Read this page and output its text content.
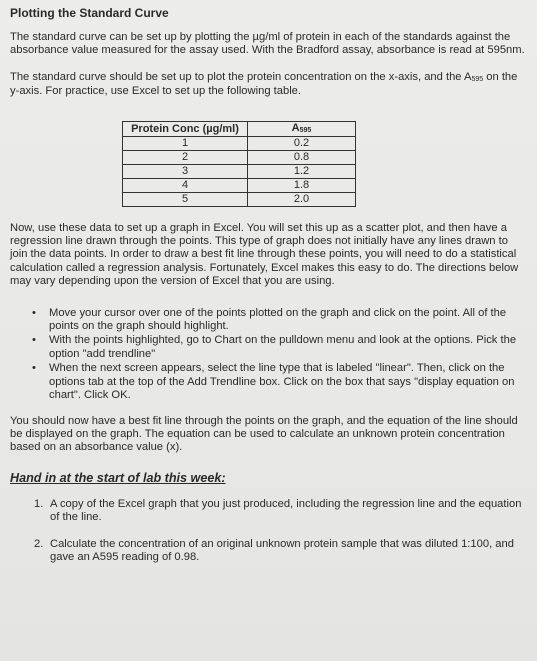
Plotting the Standard Curve

The standard curve can be set up by plotting the µg/ml of protein in each of the standards against the absorbance value measured for the assay used. With the Bradford assay, absorbance is read at 595nm.

The standard curve should be set up to plot the protein concentration on the x-axis, and the $A_{595}$ on the y-axis. For practice, use Excel to set up the following table.

Protein Conc (µg/ml)	$A_{595}$
1	0.2
2	0.8
3	1.2
4	1.8
5	2.0

Now, use these data to set up a graph in Excel. You will set this up as a scatter plot, and then have a regression line drawn through the points. This type of graph does not initially have any lines drawn to join the data points. In order to draw a best fit line through these points, you will need to do a statistical calculation called a regression analysis. Fortunately, Excel makes this easy to do. The directions below may vary depending upon the version of Excel that you are using.

• Move your cursor over one of the points plotted on the graph and click on the point. All of the points on the graph should highlight.
• With the points highlighted, go to Chart on the pulldown menu and look at the options. Pick the option "add trendline"
• When the next screen appears, select the line type that is labeled "linear". Then, click on the options tab at the top of the Add Trendline box. Click on the box that says "display equation on chart". Click OK.

You should now have a best fit line through the points on the graph, and the equation of the line should be displayed on the graph. The equation can be used to calculate an unknown protein concentration based on an absorbance value (x).

Hand in at the start of lab this week:
1. A copy of the Excel graph that you just produced, including the regression line and the equation of the line.
2. Calculate the concentration of an original unknown protein sample that was diluted 1:100, and gave an A595 reading of 0.98.
